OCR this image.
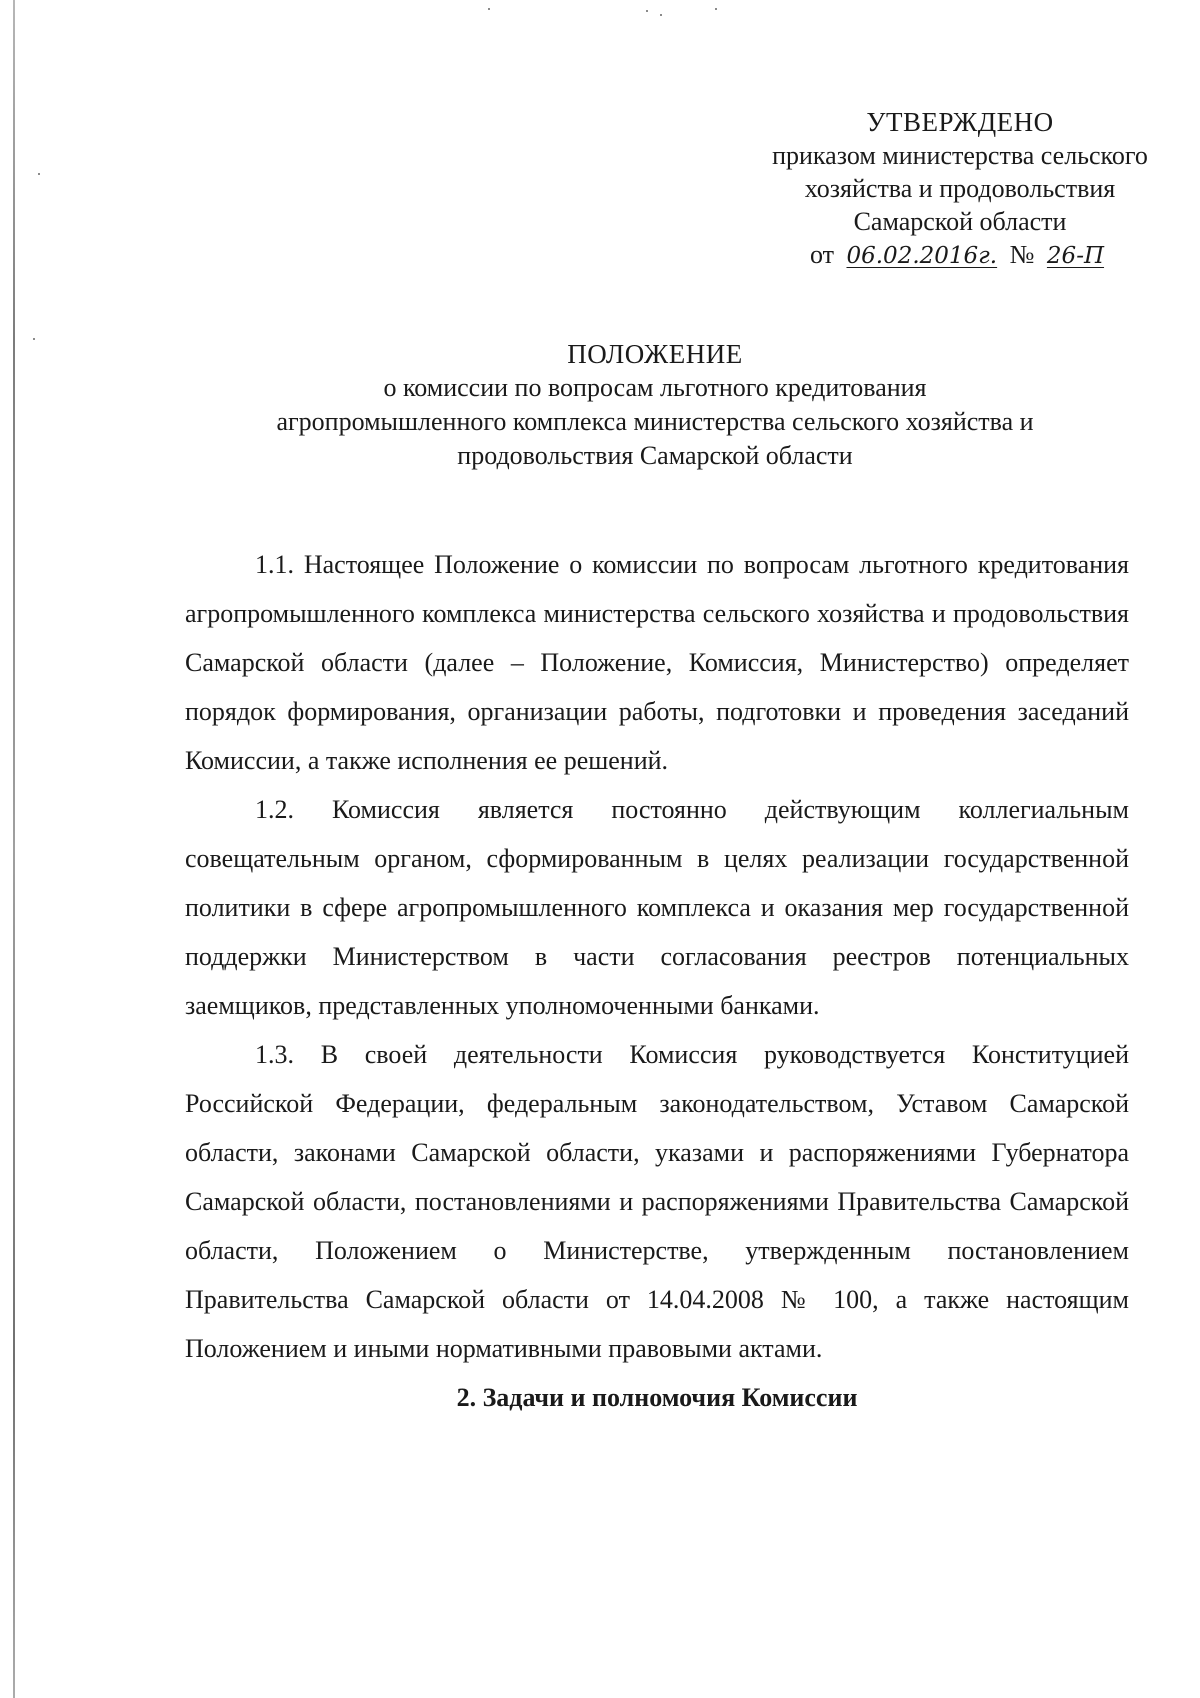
УТВЕРЖДЕНО
приказом министерства сельского
хозяйства и продовольствия
Самарской области
от 06.02.2016г. № 26-П
ПОЛОЖЕНИЕ
о комиссии по вопросам льготного кредитования
агропромышленного комплекса министерства сельского хозяйства и
продовольствия Самарской области

1.1. Настоящее Положение о комиссии по вопросам льготного кредитования агропромышленного комплекса министерства сельского хозяйства и продовольствия Самарской области (далее – Положение, Комиссия, Министерство) определяет порядок формирования, организации работы, подготовки и проведения заседаний Комиссии, а также исполнения ее решений.

1.2. Комиссия является постоянно действующим коллегиальным совещательным органом, сформированным в целях реализации государственной политики в сфере агропромышленного комплекса и оказания мер государственной поддержки Министерством в части согласования реестров потенциальных заемщиков, представленных уполномоченными банками.

1.3. В своей деятельности Комиссия руководствуется Конституцией Российской Федерации, федеральным законодательством, Уставом Самарской области, законами Самарской области, указами и распоряжениями Губернатора Самарской области, постановлениями и распоряжениями Правительства Самарской области, Положением о Министерстве, утвержденным постановлением Правительства Самарской области от 14.04.2008 № 100, а также настоящим Положением и иными нормативными правовыми актами.

2. Задачи и полномочия Комиссии
